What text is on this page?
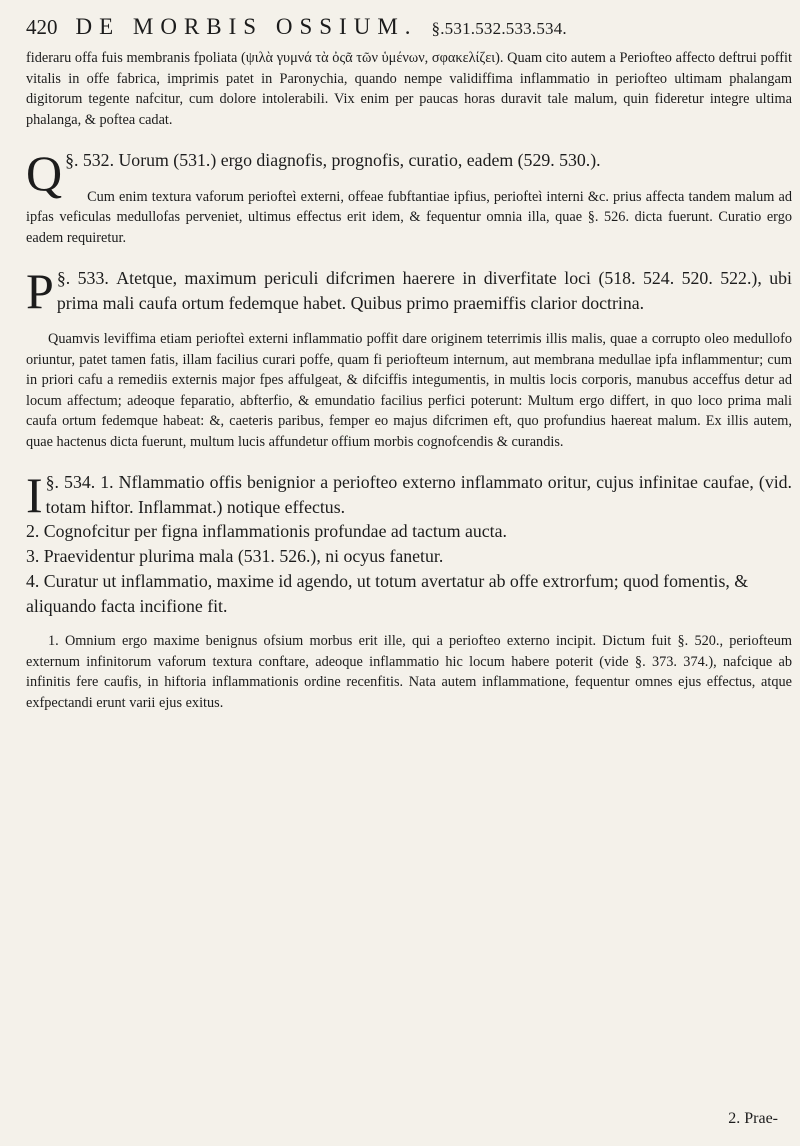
420 DE MORBIS OSSIUM. §.531.532.533.534.

fideraru offa fuis membranis fpoliata (ψιλὰ γυμνά τὰ ὀςᾶ τῶν ὑμένων, σφακελίζει). Quam cito autem a Periofteo affecto deftrui poffit vitalis in offe fabrica, imprimis patet in Paronychia, quando nempe validiffima inflammatio in periofteo ultimam phalangam digitorum tegente nafcitur, cum dolore intolerabili. Vix enim per paucas horas duravit tale malum, quin fideretur integre ultima phalanga, & poftea cadat.

§. 532.
Q	Uorum (531.) ergo diagnofis, prognofis, curatio, eadem (529. 530.).

Cum enim textura vaforum periofteì externi, offeae fubftantiae ipfius, periofteì interni &c. prius affecta tandem malum ad ipfas veficulas medullofas perveniet, ultimus effectus erit idem, & fequentur omnia illa, quae §. 526. dicta fuerunt. Curatio ergo eadem requiretur.

§. 533.
P	Atetque, maximum periculi difcrimen haerere in diverfitate loci (518. 524. 520. 522.), ubi prima mali caufa ortum fedemque habet. Quibus primo praemiffis clarior doctrina.

Quamvis leviffima etiam periofteì externi inflammatio poffit dare originem teterrimis illis malis, quae a corrupto oleo medullofo oriuntur, patet tamen fatis, illam facilius curari poffe, quam fi periofteum internum, aut membrana medullae ipfa inflammentur; cum in priori cafu a remediis externis major fpes affulgeat, & difciffis integumentis, in multis locis corporis, manubus acceffus detur ad locum affectum; adeoque feparatio, abfterfio, & emundatio facilius perfici poterunt: Multum ergo differt, in quo loco prima mali caufa ortum fedemque habeat: &, caeteris paribus, femper eo majus difcrimen eft, quo profundius haereat malum. Ex illis autem, quae hactenus dicta fuerunt, multum lucis affundetur offium morbis cognofcendis & curandis.

§. 534. 1.
I	Nflammatio offis benignior a periofteo externo inflammato oritur, cujus infinitae caufae, (vid. totam hiftor. Inflammat.) notique effectus.

2. Cognofcitur per figna inflammationis profundae ad tactum aucta.

3. Praevidentur plurima mala (531. 526.), ni ocyus fanetur.

4. Curatur ut inflammatio, maxime id agendo, ut totum avertatur ab offe extrorfum; quod fomentis, & aliquando facta incifione fit.

1. Omnium ergo maxime benignus ofsium morbus erit ille, qui a periofteo externo incipit. Dictum fuit §. 520., periofteum externum infinitorum vaforum textura conftare, adeoque inflammatio hic locum habere poterit (vide §. 373. 374.), nafcique ab infinitis fere caufis, in hiftoria inflammationis ordine recenfitis. Nata autem inflammatione, fequentur omnes ejus effectus, atque exfpectandi erunt varii ejus exitus.

2. Prae-
